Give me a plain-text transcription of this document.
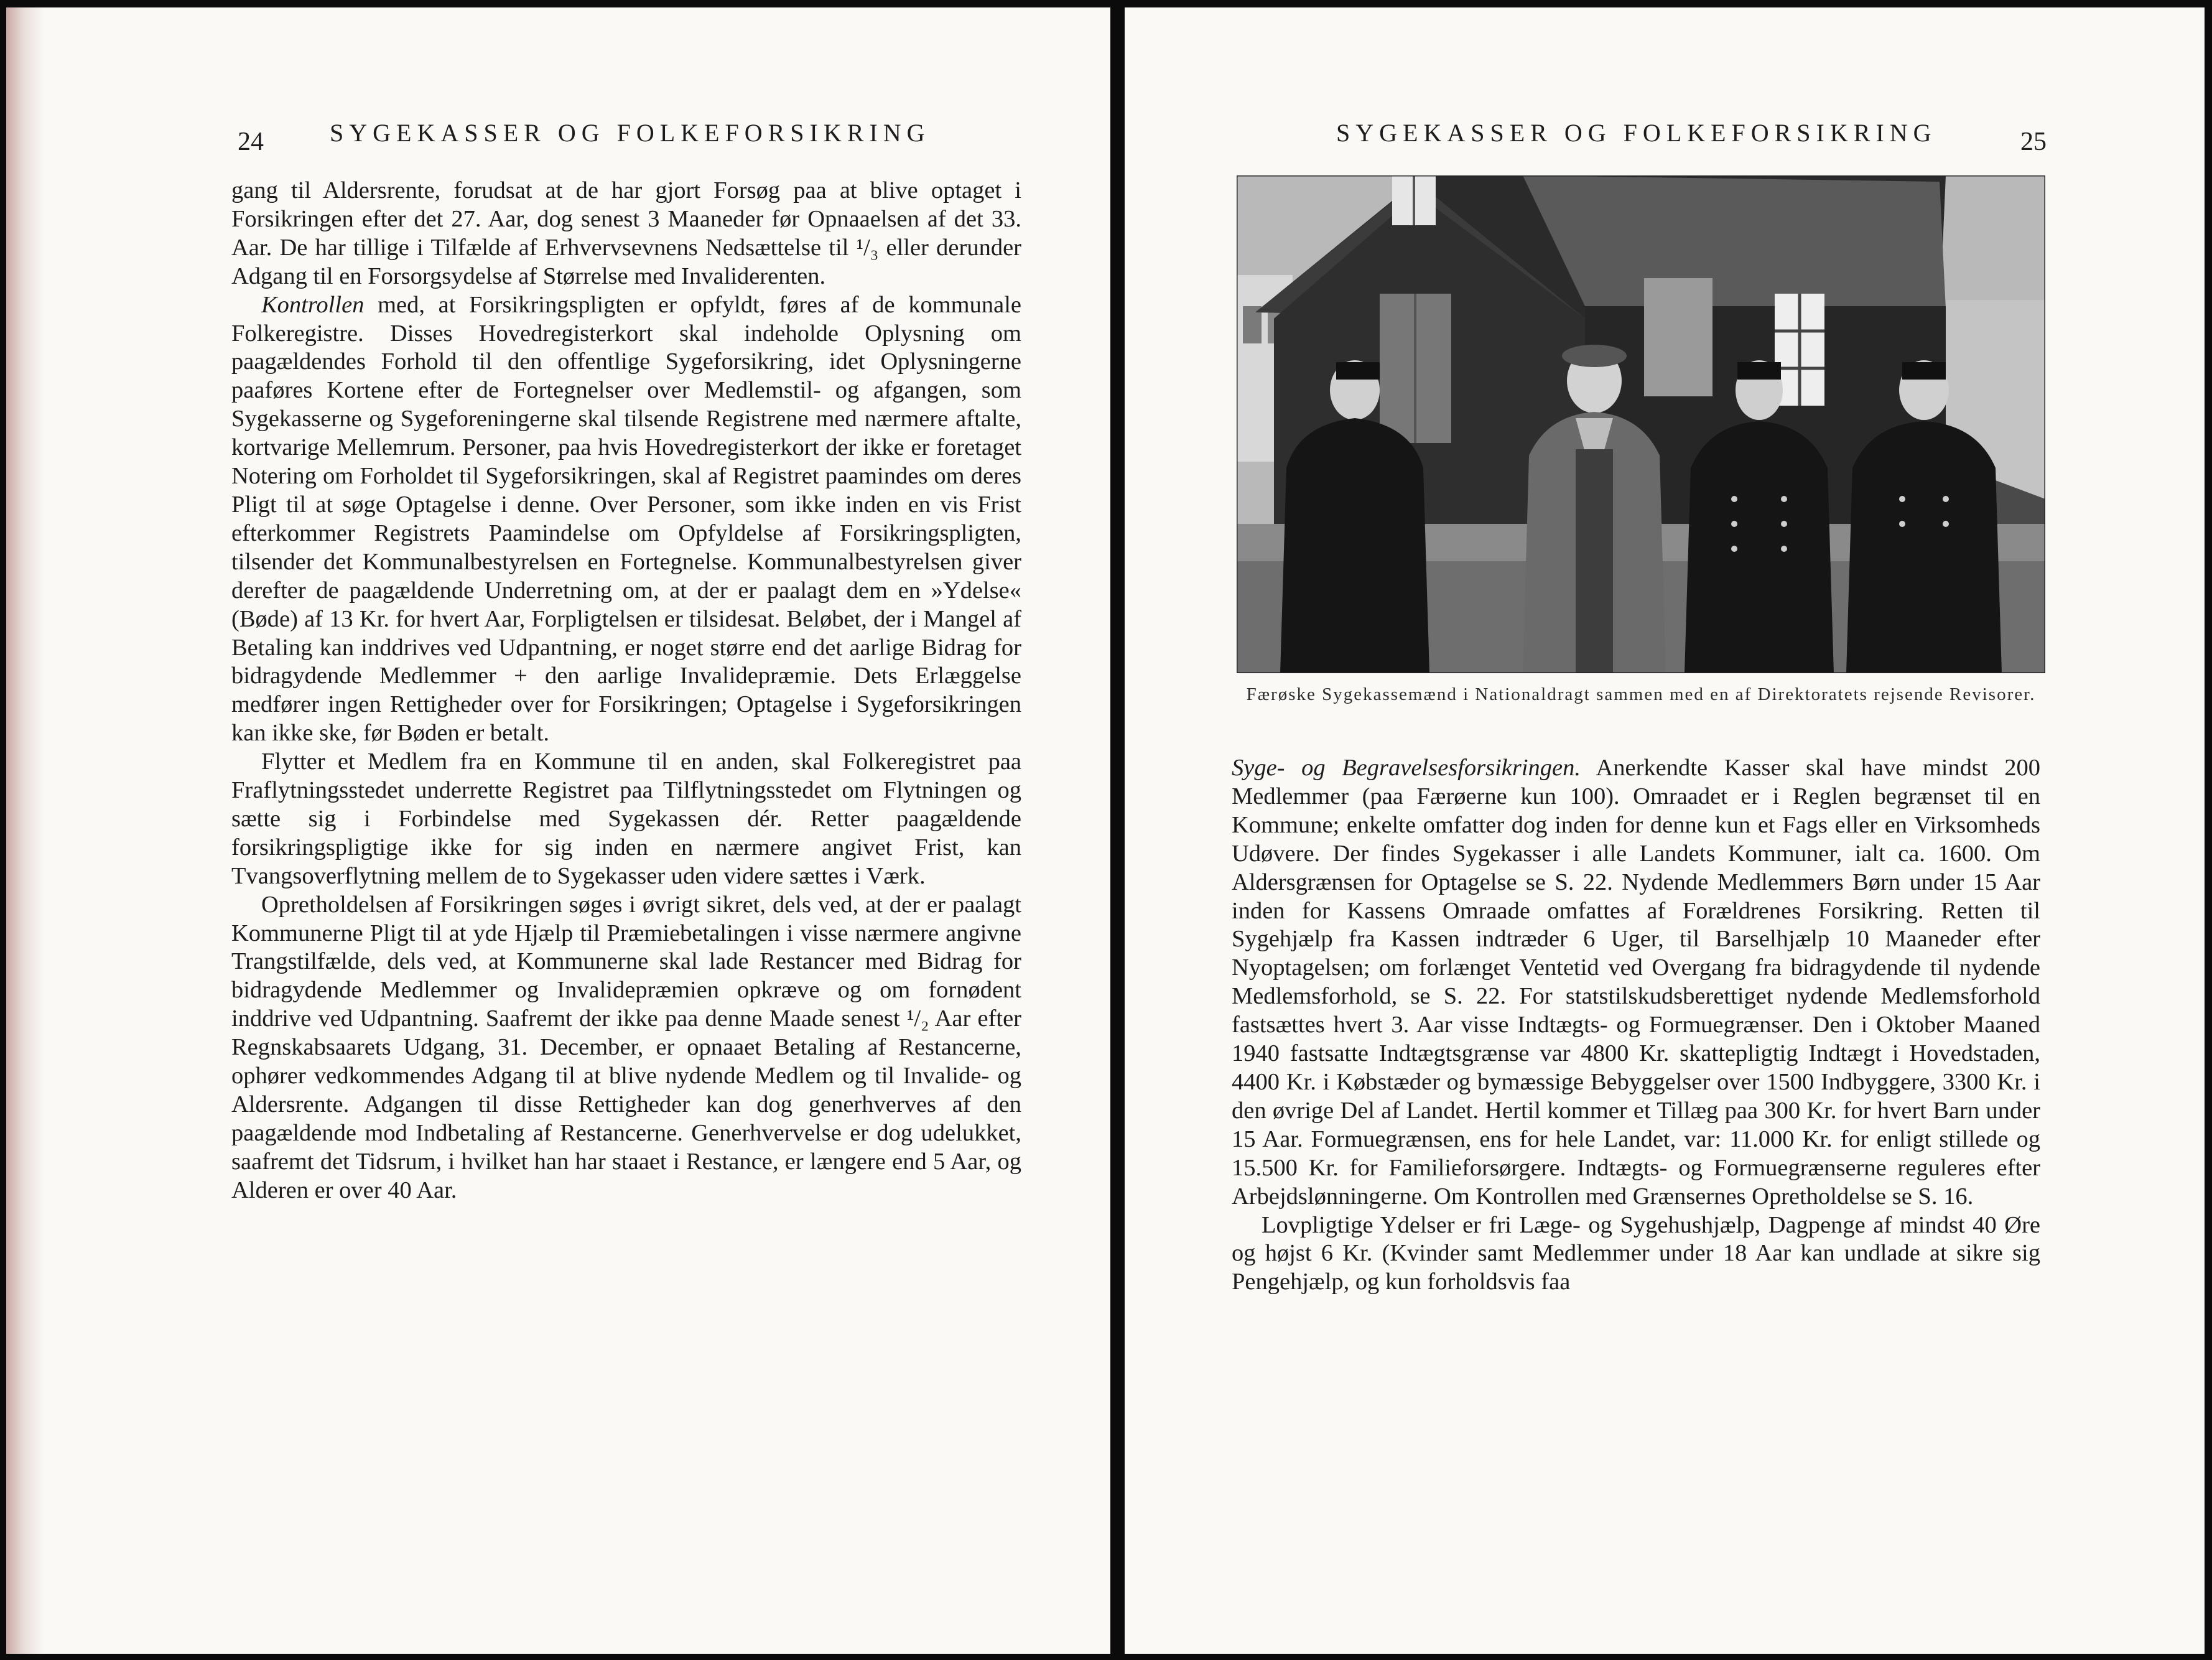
24	SYGEKASSER OG FOLKEFORSIKRING

gang til Aldersrente, forudsat at de har gjort Forsøg paa at blive optaget i Forsikringen efter det 27. Aar, dog senest 3 Maaneder før Opnaaelsen af det 33. Aar. De har tillige i Tilfælde af Erhvervsevnens Nedsættelse til ¹/₃ eller derunder Adgang til en Forsorgsydelse af Størrelse med Invaliderenten.

Kontrollen med, at Forsikringspligten er opfyldt, føres af de kommunale Folkeregistre. Disses Hovedregisterkort skal indeholde Oplysning om paagældendes Forhold til den offentlige Sygeforsikring, idet Oplysningerne paaføres Kortene efter de Fortegnelser over Medlemstil- og afgangen, som Sygekasserne og Sygeforeningerne skal tilsende Registrene med nærmere aftalte, kortvarige Mellemrum. Personer, paa hvis Hovedregisterkort der ikke er foretaget Notering om Forholdet til Sygeforsikringen, skal af Registret paamindes om deres Pligt til at søge Optagelse i denne. Over Personer, som ikke inden en vis Frist efterkommer Registrets Paamindelse om Opfyldelse af Forsikringspligten, tilsender det Kommunalbestyrelsen en Fortegnelse. Kommunalbestyrelsen giver derefter de paagældende Underretning om, at der er paalagt dem en »Ydelse« (Bøde) af 13 Kr. for hvert Aar, Forpligtelsen er tilsidesat. Beløbet, der i Mangel af Betaling kan inddrives ved Udpantning, er noget større end det aarlige Bidrag for bidragydende Medlemmer + den aarlige Invalidepræmie. Dets Erlæggelse medfører ingen Rettigheder over for Forsikringen; Optagelse i Sygeforsikringen kan ikke ske, før Bøden er betalt.

Flytter et Medlem fra en Kommune til en anden, skal Folkeregistret paa Fraflytningsstedet underrette Registret paa Tilflytningsstedet om Flytningen og sætte sig i Forbindelse med Sygekassen dér. Retter paagældende forsikringspligtige ikke for sig inden en nærmere angivet Frist, kan Tvangsoverflytning mellem de to Sygekasser uden videre sættes i Værk.

Opretholdelsen af Forsikringen søges i øvrigt sikret, dels ved, at der er paalagt Kommunerne Pligt til at yde Hjælp til Præmiebetalingen i visse nærmere angivne Trangstilfælde, dels ved, at Kommunerne skal lade Restancer med Bidrag for bidragydende Medlemmer og Invalidepræmien opkræve og om fornødent inddrive ved Udpantning. Saafremt der ikke paa denne Maade senest ¹/₂ Aar efter Regnskabsaarets Udgang, 31. December, er opnaaet Betaling af Restancerne, ophører vedkommendes Adgang til at blive nydende Medlem og til Invalide- og Aldersrente. Adgangen til disse Rettigheder kan dog generhverves af den paagældende mod Indbetaling af Restancerne. Generhvervelse er dog udelukket, saafremt det Tidsrum, i hvilket han har staaet i Restance, er længere end 5 Aar, og Alderen er over 40 Aar.

SYGEKASSER OG FOLKEFORSIKRING	25
Færøske Sygekassemænd i Nationaldragt sammen med en af Direktoratets rejsende Revisorer.

Syge- og Begravelsesforsikringen. Anerkendte Kasser skal have mindst 200 Medlemmer (paa Færøerne kun 100). Omraadet er i Reglen begrænset til en Kommune; enkelte omfatter dog inden for denne kun et Fags eller en Virksomheds Udøvere. Der findes Sygekasser i alle Landets Kommuner, ialt ca. 1600. Om Aldersgrænsen for Optagelse se S. 22. Nydende Medlemmers Børn under 15 Aar inden for Kassens Omraade omfattes af Forældrenes Forsikring. Retten til Sygehjælp fra Kassen indtræder 6 Uger, til Barselhjælp 10 Maaneder efter Nyoptagelsen; om forlænget Ventetid ved Overgang fra bidragydende til nydende Medlemsforhold, se S. 22. For statstilskudsberettiget nydende Medlemsforhold fastsættes hvert 3. Aar visse Indtægts- og Formuegrænser. Den i Oktober Maaned 1940 fastsatte Indtægtsgrænse var 4800 Kr. skattepligtig Indtægt i Hovedstaden, 4400 Kr. i Købstæder og bymæssige Bebyggelser over 1500 Indbyggere, 3300 Kr. i den øvrige Del af Landet. Hertil kommer et Tillæg paa 300 Kr. for hvert Barn under 15 Aar. Formuegrænsen, ens for hele Landet, var: 11.000 Kr. for enligt stillede og 15.500 Kr. for Familieforsørgere. Indtægts- og Formuegrænserne reguleres efter Arbejdslønningerne. Om Kontrollen med Grænsernes Opretholdelse se S. 16.

Lovpligtige Ydelser er fri Læge- og Sygehushjælp, Dagpenge af mindst 40 Øre og højst 6 Kr. (Kvinder samt Medlemmer under 18 Aar kan undlade at sikre sig Pengehjælp, og kun forholdsvis faa
